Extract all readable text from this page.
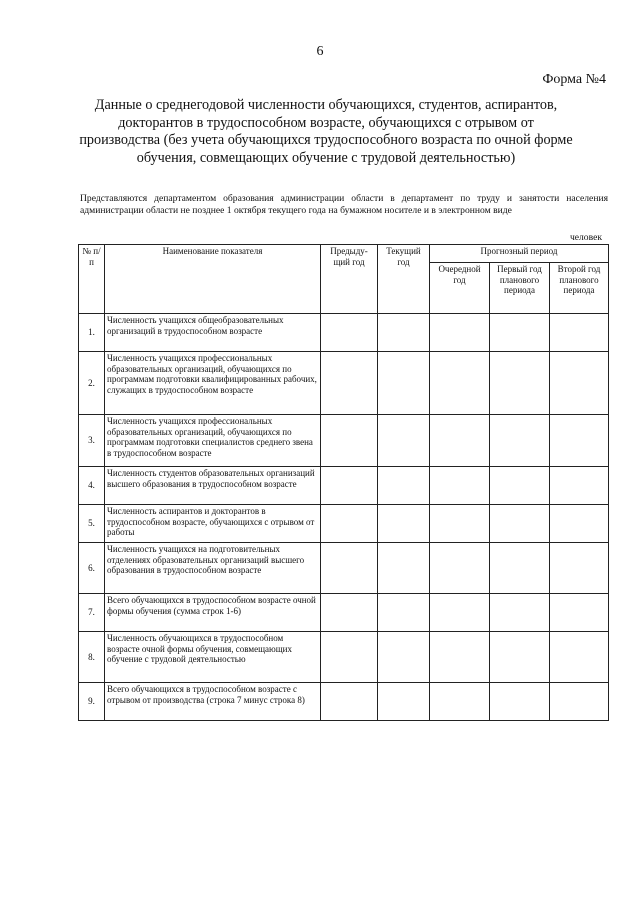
6
Форма №4
Данные о среднегодовой численности обучающихся, студентов, аспирантов,
докторантов в трудоспособном возрасте, обучающихся с отрывом от
производства (без учета обучающихся трудоспособного возраста по очной форме
обучения, совмещающих обучение с трудовой деятельностью)

Представляются департаментом образования администрации области в департамент по труду и занятости населения администрации области не позднее 1 октября текущего года на бумажном носителе и в электронном виде

человек
№ п/п	Наименование показателя	Предыду-щий год	Текущий год	Прогнозный период		
				Очередной год	Первый год планового периода	Второй год планового периода
1.	Численность учащихся общеобразовательных организаций в трудоспособном возрасте					
2.	Численность учащихся профессиональных образовательных организаций, обучающихся по программам подготовки квалифицированных рабочих, служащих в трудоспособном возрасте					
3.	Численность учащихся профессиональных образовательных организаций, обучающихся по программам подготовки специалистов среднего звена в трудоспособном возрасте					
4.	Численность студентов образовательных организаций высшего образования в трудоспособном возрасте					
5.	Численность аспирантов и докторантов в трудоспособном возрасте, обучающихся с отрывом от работы					
6.	Численность учащихся на подготовительных отделениях образовательных организаций высшего образования в трудоспособном возрасте					
7.	Всего обучающихся в трудоспособном возрасте очной формы обучения (сумма строк 1-6)					
8.	Численность обучающихся в трудоспособном возрасте очной формы обучения, совмещающих обучение с трудовой деятельностью					
9.	Всего обучающихся в трудоспособном возрасте с отрывом от производства (строка 7 минус строка 8)					
